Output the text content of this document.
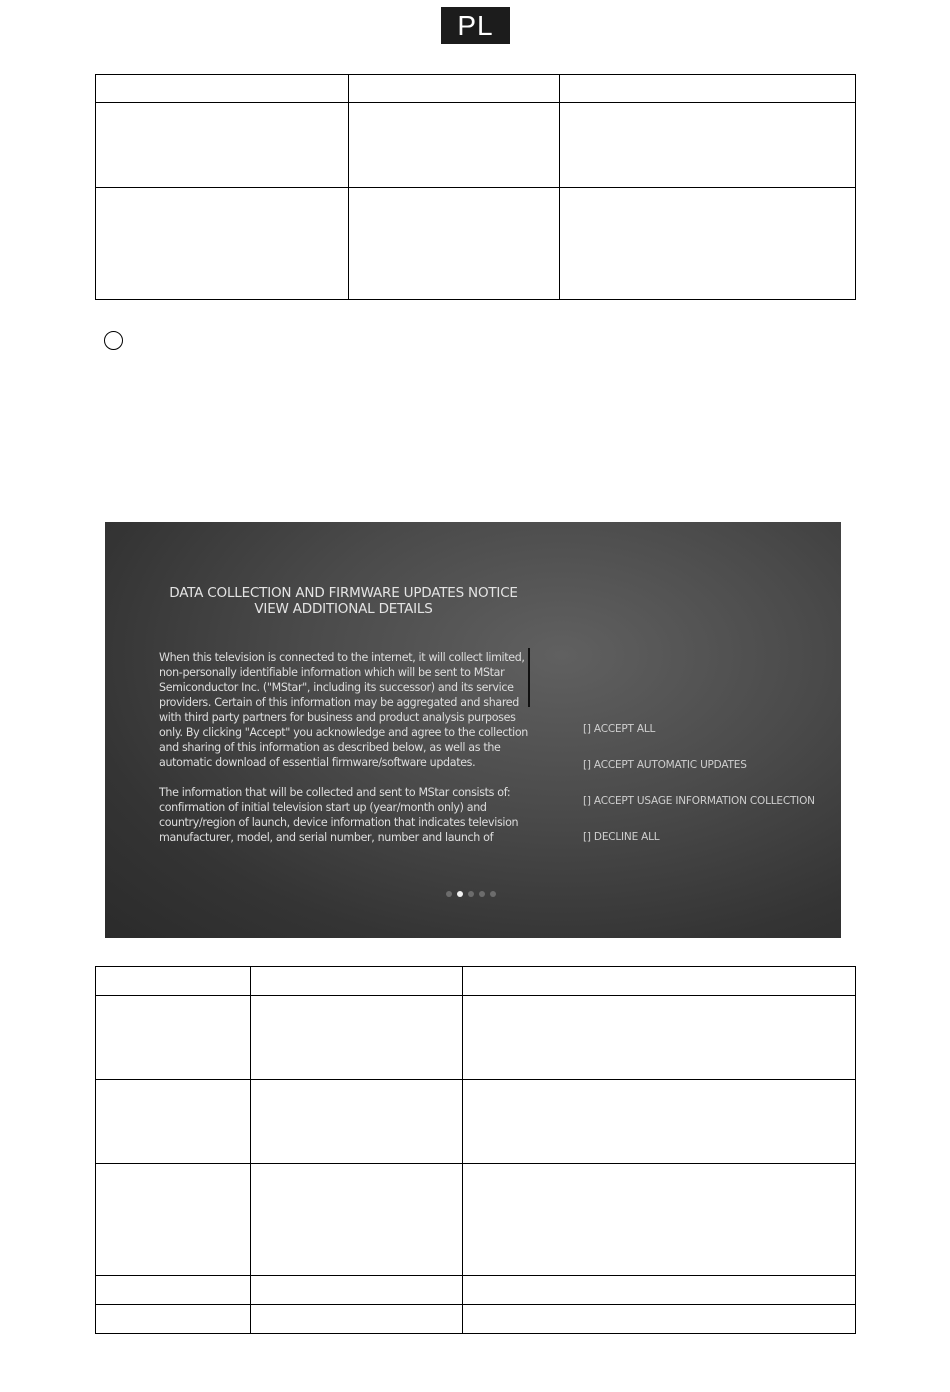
PL

DATA COLLECTION AND FIRMWARE UPDATES NOTICE
VIEW ADDITIONAL DETAILS

When this television is connected to the internet, it will collect limited, non-personally identifiable information which will be sent to MStar Semiconductor Inc. ("MStar", including its successor) and its service providers. Certain of this information may be aggregated and shared with third party partners for business and product analysis purposes only. By clicking "Accept" you acknowledge and agree to the collection and sharing of this information as described below, as well as the automatic download of essential firmware/software updates.

The information that will be collected and sent to MStar consists of: confirmation of initial television start up (year/month only) and country/region of launch, device information that indicates television manufacturer, model, and serial number, number and launch of

[] ACCEPT ALL
[] ACCEPT AUTOMATIC UPDATES
[] ACCEPT USAGE INFORMATION COLLECTION
[] DECLINE ALL
